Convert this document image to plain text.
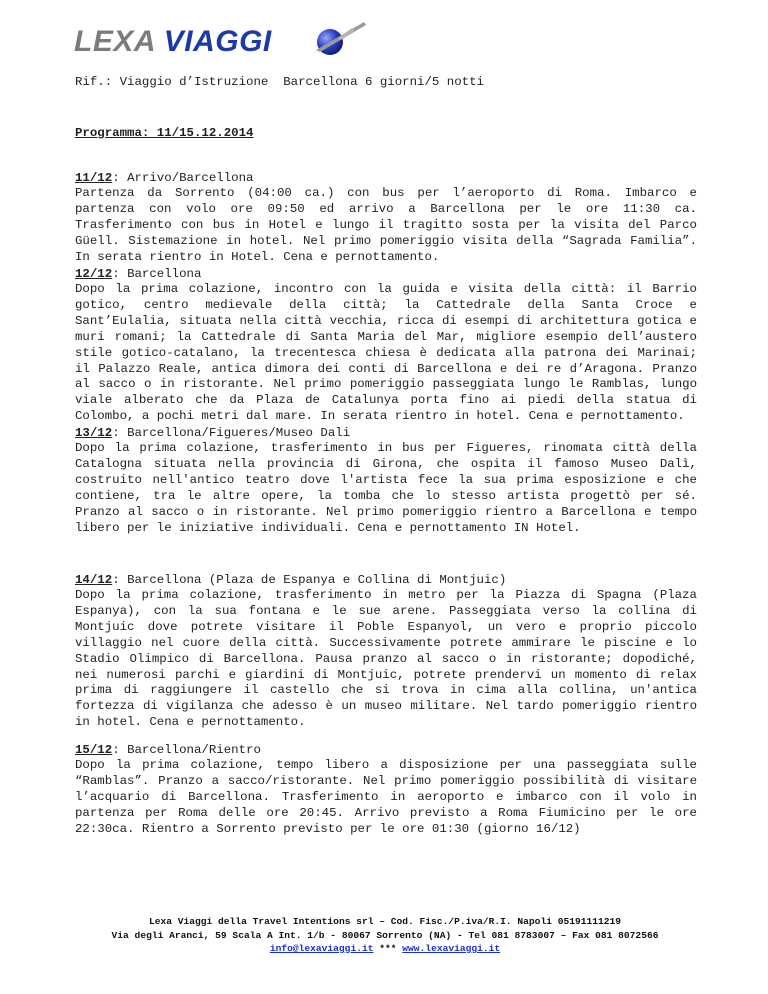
LEXA VIAGGI
Rif.: Viaggio d’Istruzione  Barcellona 6 giorni/5 notti
Programma: 11/15.12.2014
11/12: Arrivo/Barcellona
Partenza da Sorrento (04:00 ca.) con bus per l’aeroporto di Roma. Imbarco e partenza con volo ore 09:50 ed arrivo a Barcellona per le ore 11:30 ca. Trasferimento con bus in Hotel e lungo il tragitto sosta per la visita del Parco Güell. Sistemazione in hotel. Nel primo pomeriggio visita della “Sagrada Familia”. In serata rientro in Hotel. Cena e pernottamento.
12/12: Barcellona
Dopo la prima colazione, incontro con la guida e visita della città: il Barrio gotico, centro medievale della città; la Cattedrale della Santa Croce e Sant’Eulalia, situata nella città vecchia, ricca di esempi di architettura gotica e muri romani; la Cattedrale di Santa Maria del Mar, migliore esempio dell’austero stile gotico-catalano, la trecentesca chiesa è dedicata alla patrona dei Marinai; il Palazzo Reale, antica dimora dei conti di Barcellona e dei re d’Aragona. Pranzo al sacco o in ristorante. Nel primo pomeriggio passeggiata lungo le Ramblas, lungo viale alberato che da Plaza de Catalunya porta fino ai piedi della statua di Colombo, a pochi metri dal mare. In serata rientro in hotel. Cena e pernottamento.
13/12: Barcellona/Figueres/Museo Dali
Dopo la prima colazione, trasferimento in bus per Figueres, rinomata città della Catalogna situata nella provincia di Girona, che ospita il famoso Museo Dalì, costruito nell'antico teatro dove l'artista fece la sua prima esposizione e che contiene, tra le altre opere, la tomba che lo stesso artista progettò per sé. Pranzo al sacco o in ristorante. Nel primo pomeriggio rientro a Barcellona e tempo libero per le iniziative individuali. Cena e pernottamento IN Hotel.
14/12: Barcellona (Plaza de Espanya e Collina di Montjuic)
Dopo la prima colazione, trasferimento in metro per la Piazza di Spagna (Plaza Espanya), con la sua fontana e le sue arene. Passeggiata verso la collina di Montjuic dove potrete visitare il Poble Espanyol, un vero e proprio piccolo villaggio nel cuore della città. Successivamente potrete ammirare le piscine e lo Stadio Olimpico di Barcellona. Pausa pranzo al sacco o in ristorante; dopodiché, nei numerosi parchi e giardini di Montjuic, potrete prendervi un momento di relax prima di raggiungere il castello che si trova in cima alla collina, un'antica fortezza di vigilanza che adesso è un museo militare. Nel tardo pomeriggio rientro in hotel. Cena e pernottamento.
15/12: Barcellona/Rientro
Dopo la prima colazione, tempo libero a disposizione per una passeggiata sulle “Ramblas”. Pranzo a sacco/ristorante. Nel primo pomeriggio possibilità di visitare l’acquario di Barcellona. Trasferimento in aeroporto e imbarco con il volo in partenza per Roma delle ore 20:45. Arrivo previsto a Roma Fiumicino per le ore 22:30ca. Rientro a Sorrento previsto per le ore 01:30 (giorno 16/12)
Lexa Viaggi della Travel Intentions srl – Cod. Fisc./P.iva/R.I. Napoli 05191111219
Via degli Aranci, 59 Scala A Int. 1/b - 80067 Sorrento (NA) - Tel 081 8783007 – Fax 081 8072566
info@lexaviaggi.it *** www.lexaviaggi.it
